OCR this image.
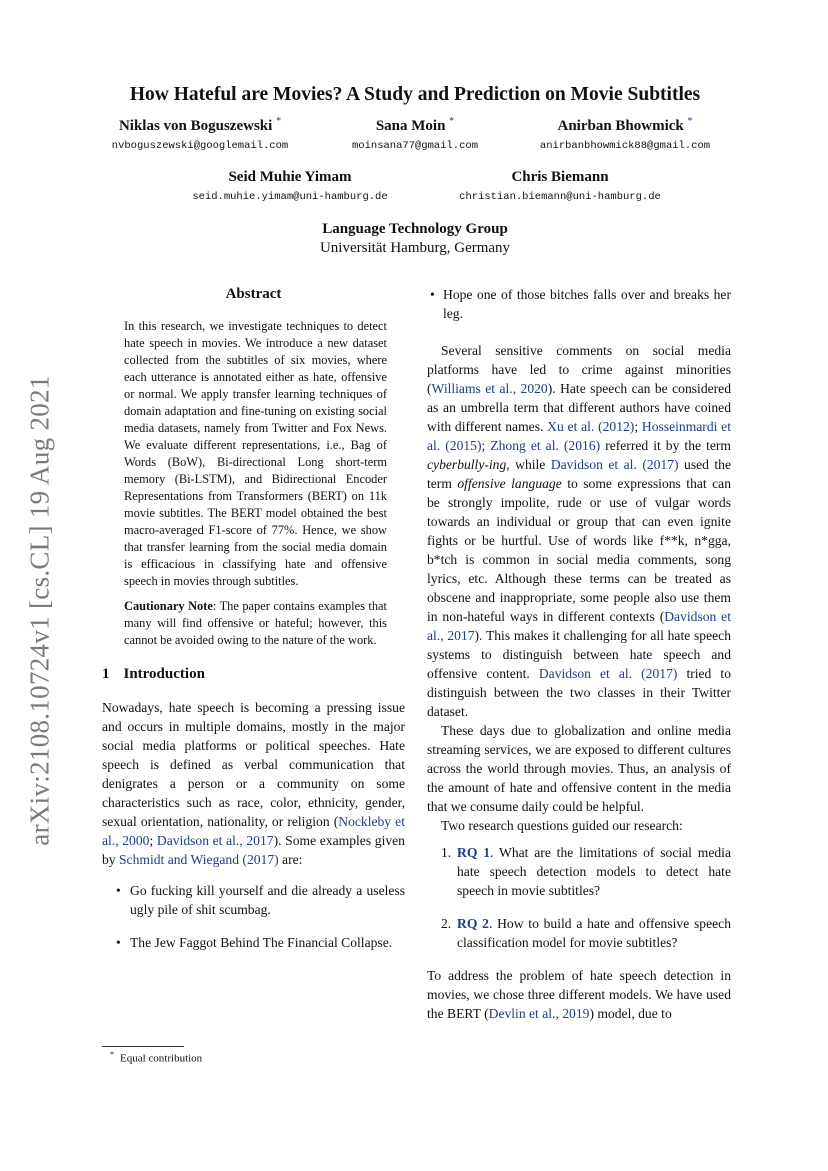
arXiv:2108.10724v1 [cs.CL] 19 Aug 2021
How Hateful are Movies? A Study and Prediction on Movie Subtitles
Niklas von Boguszewski *
nvboguszewski@googlemail.com
Sana Moin *
moinsana77@gmail.com
Anirban Bhowmick *
anirbanbhowmick88@gmail.com
Seid Muhie Yimam
seid.muhie.yimam@uni-hamburg.de
Chris Biemann
christian.biemann@uni-hamburg.de
Language Technology Group
Universität Hamburg, Germany
Abstract

In this research, we investigate techniques to detect hate speech in movies. We introduce a new dataset collected from the subtitles of six movies, where each utterance is annotated either as hate, offensive or normal. We apply transfer learning techniques of domain adaptation and fine-tuning on existing social media datasets, namely from Twitter and Fox News. We evaluate different representations, i.e., Bag of Words (BoW), Bi-directional Long short-term memory (Bi-LSTM), and Bidirectional Encoder Representations from Transformers (BERT) on 11k movie subtitles. The BERT model obtained the best macro-averaged F1-score of 77%. Hence, we show that transfer learning from the social media domain is efficacious in classifying hate and offensive speech in movies through subtitles.

Cautionary Note: The paper contains examples that many will find offensive or hateful; however, this cannot be avoided owing to the nature of the work.

1 Introduction

Nowadays, hate speech is becoming a pressing issue and occurs in multiple domains, mostly in the major social media platforms or political speeches. Hate speech is defined as verbal communication that denigrates a person or a community on some characteristics such as race, color, ethnicity, gender, sexual orientation, nationality, or religion (Nockleby et al., 2000; Davidson et al., 2017). Some examples given by Schmidt and Wiegand (2017) are:

• Go fucking kill yourself and die already a useless ugly pile of shit scumbag.
• The Jew Faggot Behind The Financial Collapse.
• Hope one of those bitches falls over and breaks her leg.

Several sensitive comments on social media platforms have led to crime against minorities (Williams et al., 2020). Hate speech can be considered as an umbrella term that different authors have coined with different names. Xu et al. (2012); Hosseinmardi et al. (2015); Zhong et al. (2016) referred it by the term cyberbully-ing, while Davidson et al. (2017) used the term offensive language to some expressions that can be strongly impolite, rude or use of vulgar words towards an individual or group that can even ignite fights or be hurtful. Use of words like f**k, n*gga, b*tch is common in social media comments, song lyrics, etc. Although these terms can be treated as obscene and inappropriate, some people also use them in non-hateful ways in different contexts (Davidson et al., 2017). This makes it challenging for all hate speech systems to distinguish between hate speech and offensive content. Davidson et al. (2017) tried to distinguish between the two classes in their Twitter dataset.

These days due to globalization and online media streaming services, we are exposed to different cultures across the world through movies. Thus, an analysis of the amount of hate and offensive content in the media that we consume daily could be helpful.

Two research questions guided our research:

1. RQ 1. What are the limitations of social media hate speech detection models to detect hate speech in movie subtitles?
2. RQ 2. How to build a hate and offensive speech classification model for movie subtitles?

To address the problem of hate speech detection in movies, we chose three different models. We have used the BERT (Devlin et al., 2019) model, due to

* Equal contribution
